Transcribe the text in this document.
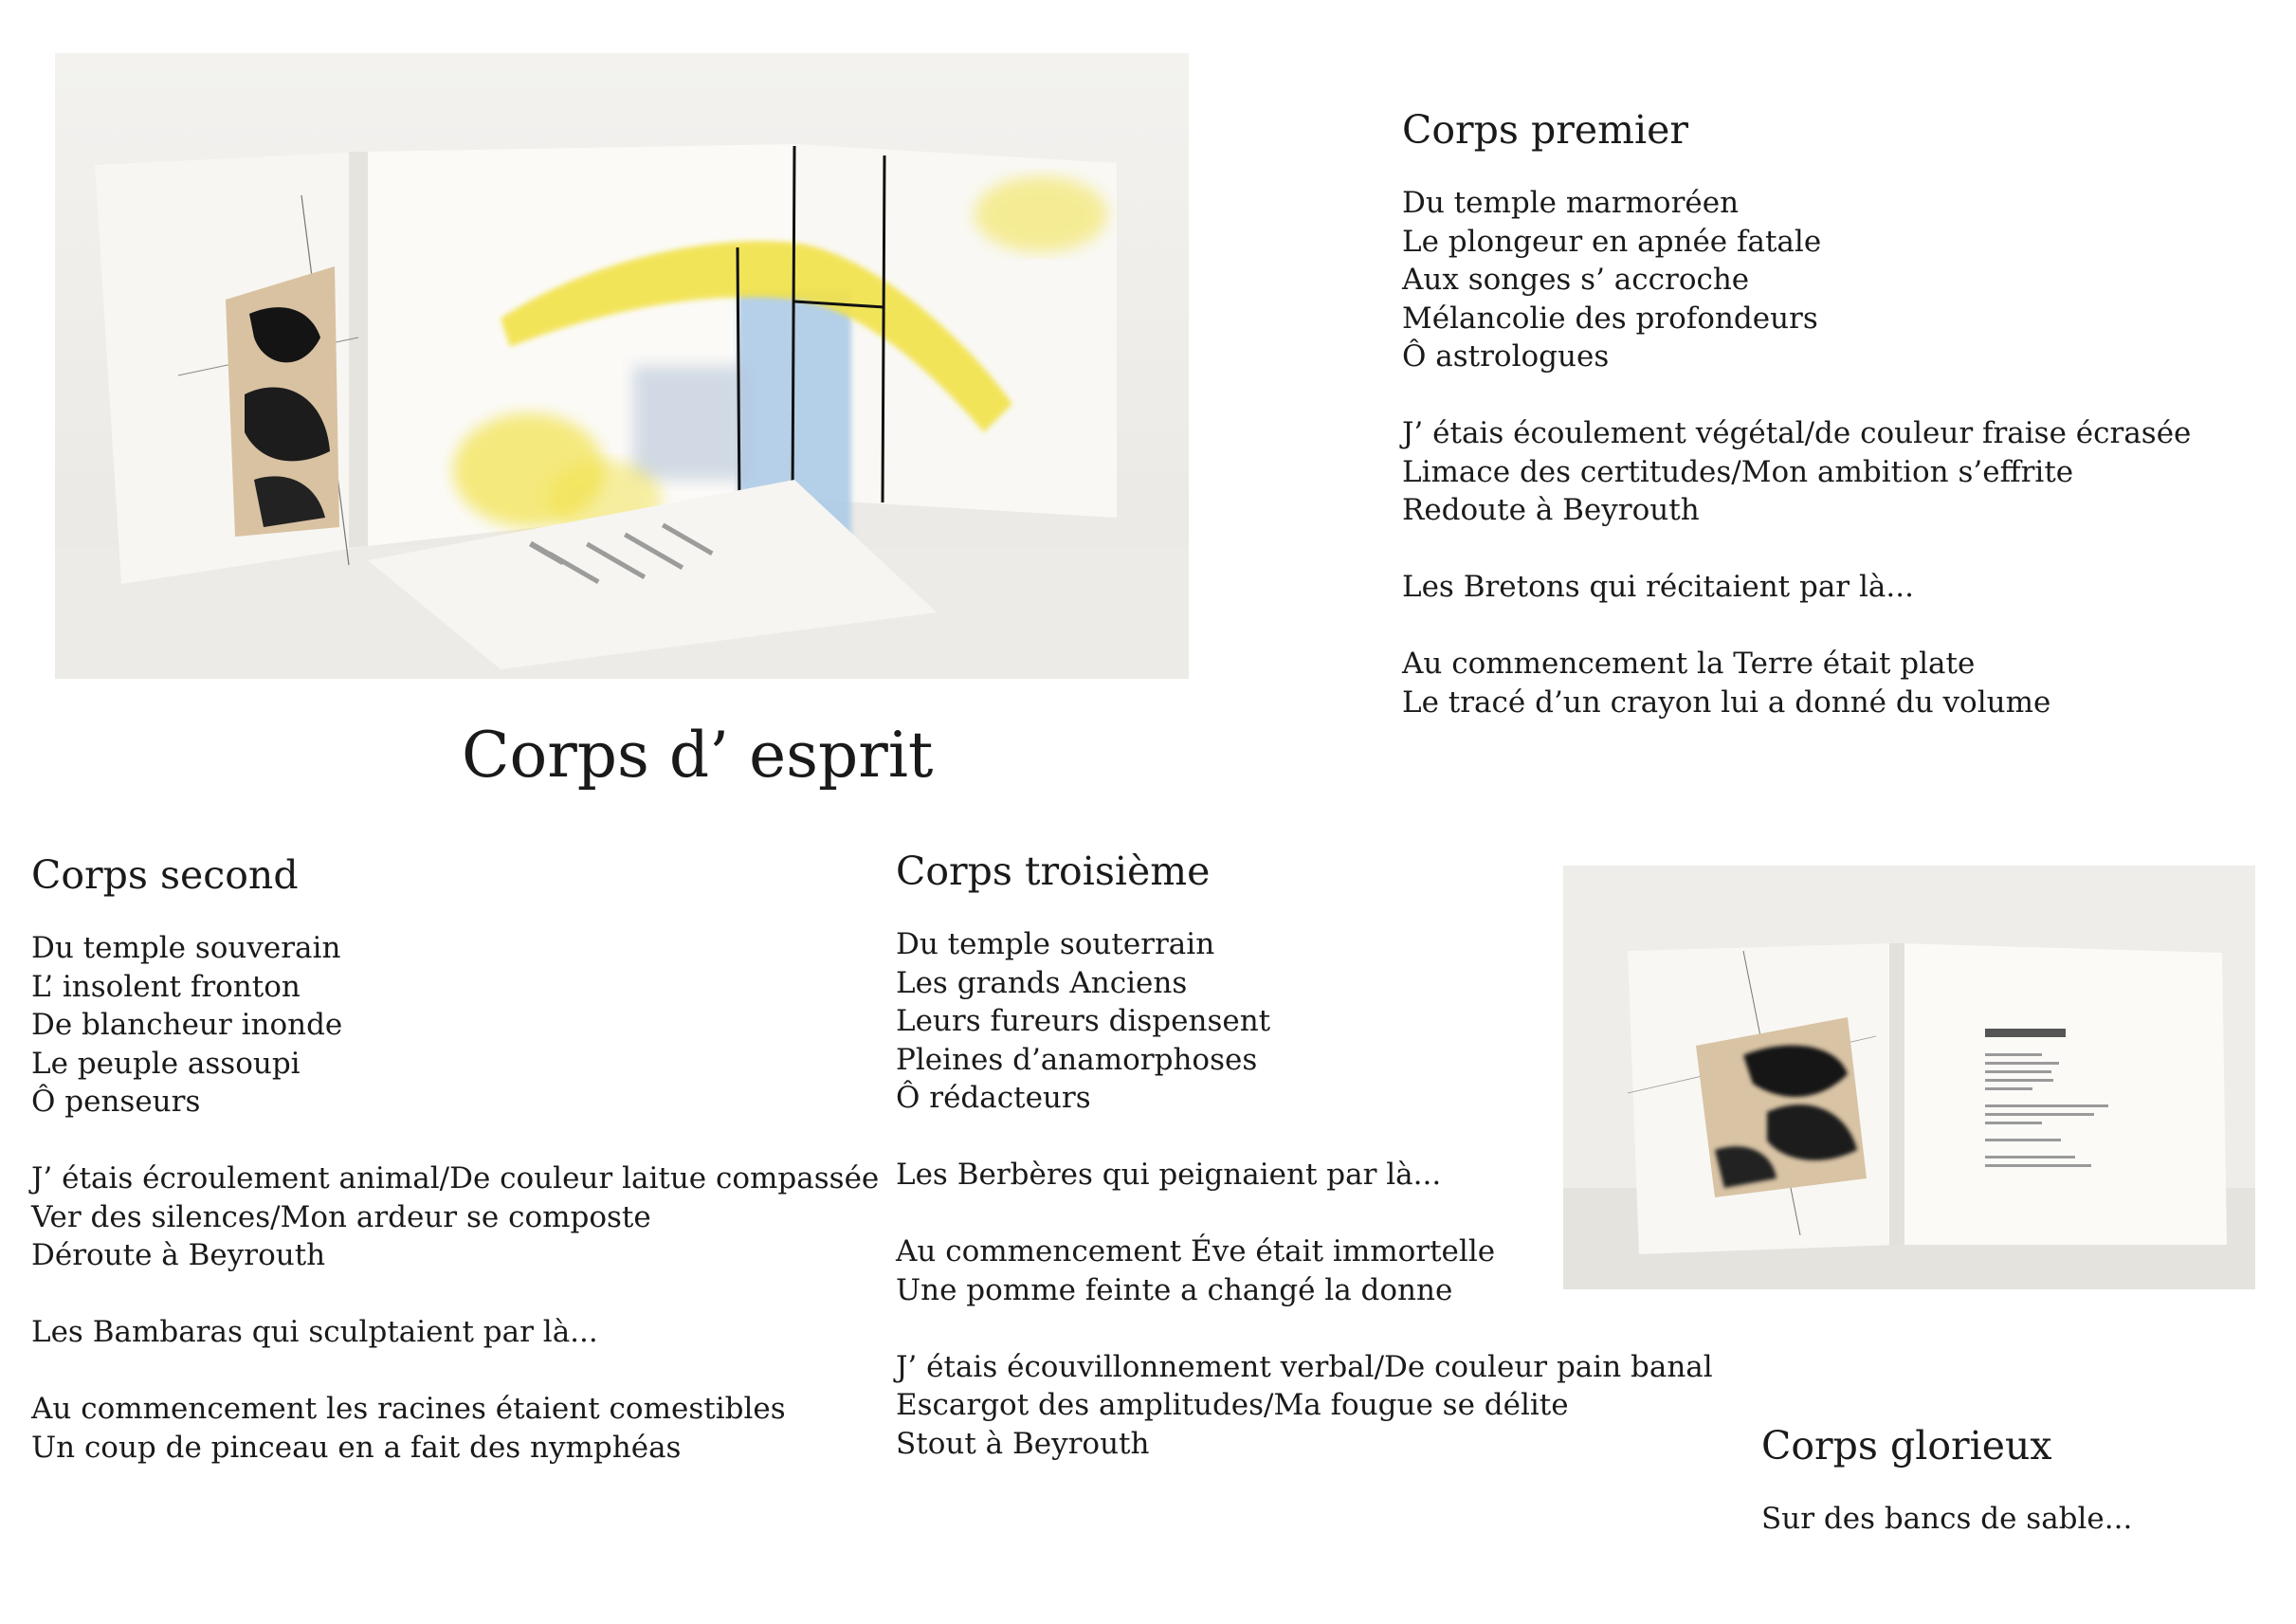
Corps d’ esprit
Corps premier
Du temple marmoréen
Le plongeur en apnée fatale
Aux songes s’ accroche
Mélancolie des profondeurs
Ô astrologues
J’ étais écoulement végétal/de couleur fraise écrasée
Limace des certitudes/Mon ambition s’effrite
Redoute à Beyrouth
Les Bretons qui récitaient par là...
Au commencement la Terre était plate
Le tracé d’un crayon lui a donné du volume
Corps second
Du temple souverain
L’ insolent fronton
De blancheur inonde
Le peuple assoupi
Ô penseurs
J’ étais écroulement animal/De couleur laitue compassée
Ver des silences/Mon ardeur se composte
Déroute à Beyrouth
Les Bambaras qui sculptaient par là...
Au commencement les racines étaient comestibles
Un coup de pinceau en a fait des nymphéas
Corps troisième
Du temple souterrain
Les grands Anciens
Leurs fureurs dispensent
Pleines d’anamorphoses
Ô rédacteurs
Les Berbères qui peignaient par là...
Au commencement Éve était immortelle
Une pomme feinte a changé la donne
J’ étais écouvillonnement verbal/De couleur pain banal
Escargot des amplitudes/Ma fougue se délite
Stout à Beyrouth	Corps glorieux
Sur des bancs de sable...
